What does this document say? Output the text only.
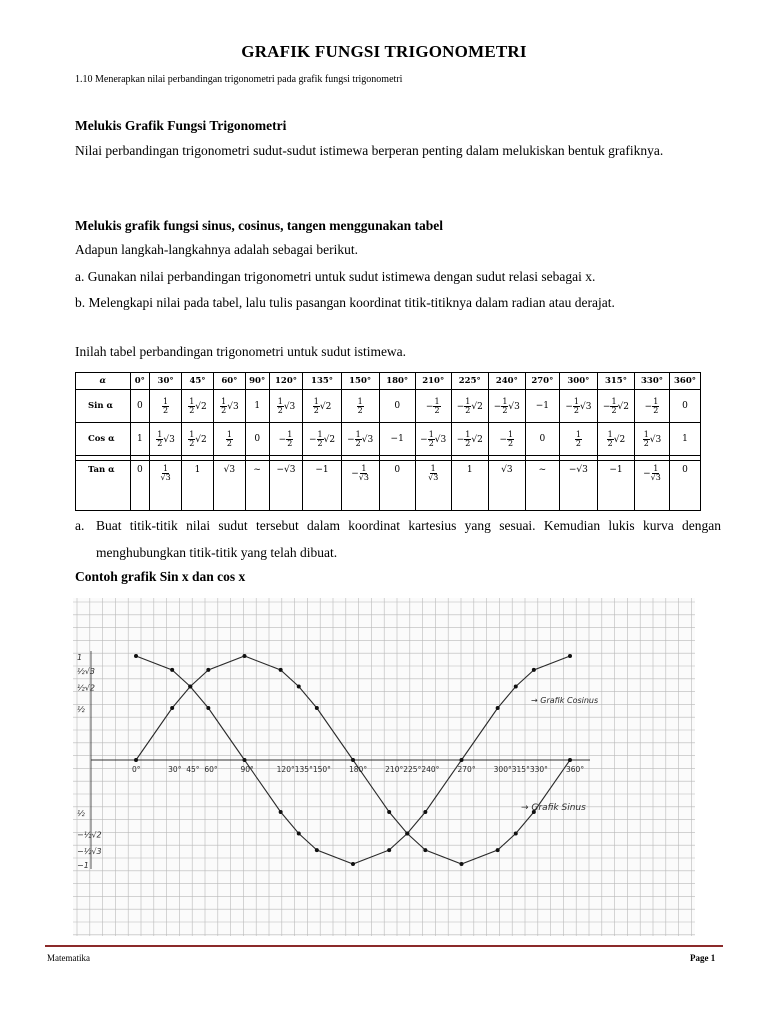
GRAFIK FUNGSI TRIGONOMETRI
1.10 Menerapkan nilai perbandingan trigonometri pada grafik fungsi trigonometri
Melukis Grafik Fungsi Trigonometri
Nilai perbandingan trigonometri sudut-sudut istimewa berperan penting dalam melukiskan bentuk grafiknya.
Melukis grafik fungsi sinus, cosinus, tangen menggunakan tabel
Adapun langkah-langkahnya adalah sebagai berikut.
a. Gunakan nilai perbandingan trigonometri untuk sudut istimewa dengan sudut relasi sebagai x.
b. Melengkapi nilai pada tabel, lalu tulis pasangan koordinat titik-titiknya dalam radian atau derajat.
Inilah tabel perbandingan trigonometri untuk sudut istimewa.
α	0°	30°	45°	60°	90°	120°	135°	150°	180°	210°	225°	240°	270°	300°	315°	330°	360°
Sin α	0	$\frac{1}{2}$	$\frac{1}{2} √2$	$\frac{1}{2} √3$	1	$\frac{1}{2} √3$	$\frac{1}{2} √2$	$\frac{1}{2}$	0	− $\frac{1}{2}$	− $\frac{1}{2} √2$	− $\frac{1}{2} √3$	−1	− $\frac{1}{2} √3$	− $\frac{1}{2} √2$	− $\frac{1}{2}$	0
Cos α	1	$\frac{1}{2} √3$	$\frac{1}{2} √2$	$\frac{1}{2}$	0	− $\frac{1}{2}$	− $\frac{1}{2} √2$	− $\frac{1}{2} √3$	−1	− $\frac{1}{2} √3$	− $\frac{1}{2} √2$	− $\frac{1}{2}$	0	$\frac{1}{2}$	$\frac{1}{2} √2$	$\frac{1}{2} √3$	1

Tan α	0	$\frac{1}{√3}$	1	√3	~	−√3	−1	− $\frac{1}{√3}$	0	$\frac{1}{√3}$	1	√3	~	−√3	−1	− $\frac{1}{√3}$	0
a. Buat titik-titik nilai sudut tersebut dalam koordinat kartesius yang sesuai. Kemudian lukis kurva dengan menghubungkan titik-titik yang telah dibuat.
Contoh grafik Sin x dan cos x
1
½√3
½√2
½
½
−½√2
−½√3
−1
0°	30° 45° 60°	90°	120° 135° 150° 180° 210° 225° 240° 270° 300° 315° 330° 360°
→ Grafik Cosinus
→ Grafik Sinus
Matematika	Page 1
